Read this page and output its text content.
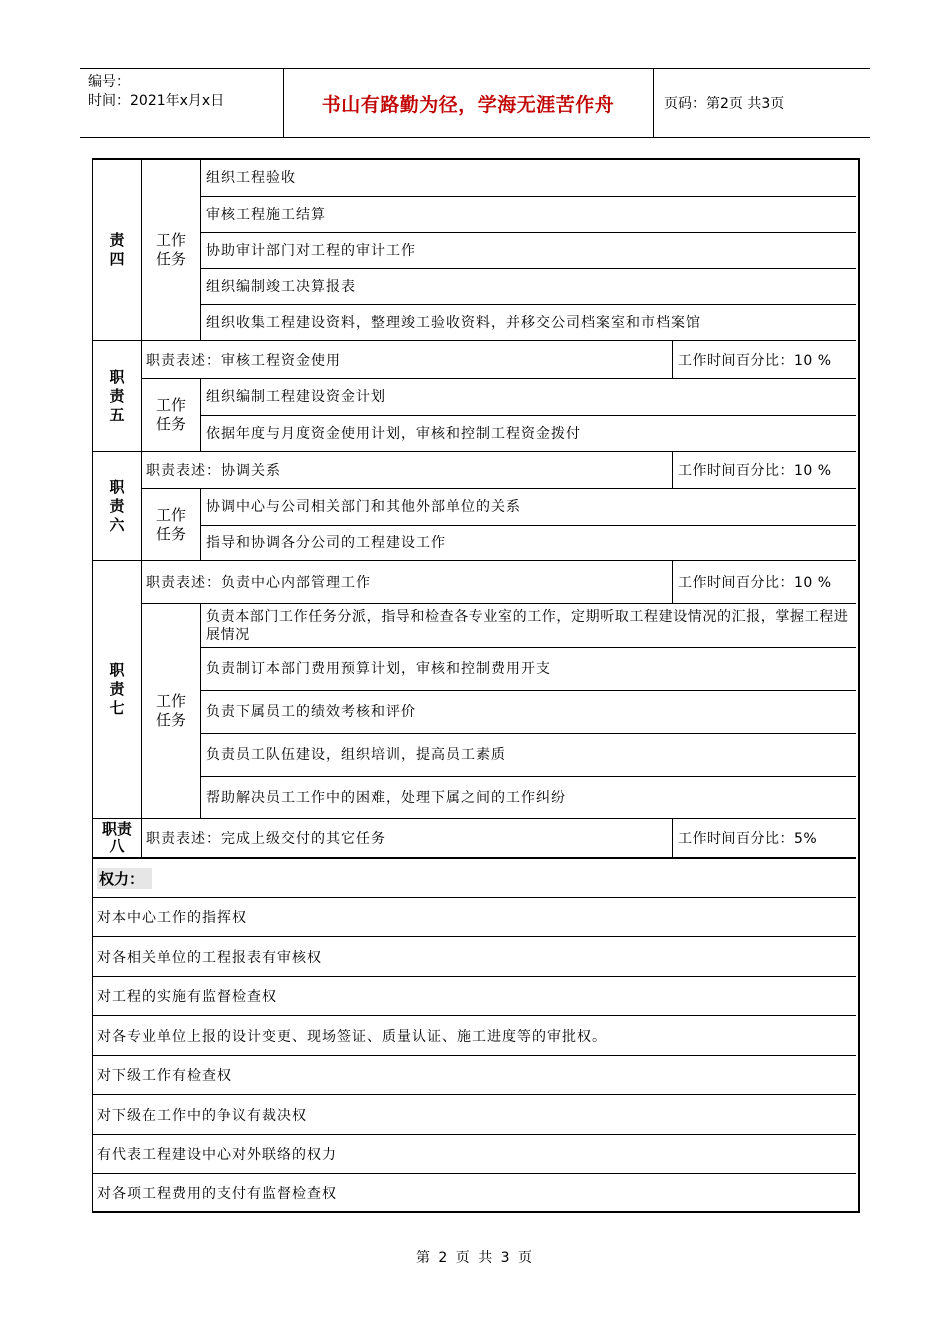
编号：
时间：2021年x月x日	书山有路勤为径，学海无涯苦作舟	页码：第2页 共3页
责四
工作任务
组织工程验收
审核工程施工结算
协助审计部门对工程的审计工作
组织编制竣工决算报表
组织收集工程建设资料，整理竣工验收资料，并移交公司档案室和市档案馆
职责五
职责表述：审核工程资金使用	工作时间百分比：10 %
工作任务
组织编制工程建设资金计划
依据年度与月度资金使用计划，审核和控制工程资金拨付
职责六
职责表述：协调关系	工作时间百分比：10 %
工作任务
协调中心与公司相关部门和其他外部单位的关系
指导和协调各分公司的工程建设工作
职责七
职责表述：负责中心内部管理工作	工作时间百分比：10 %
工作任务
负责本部门工作任务分派，指导和检查各专业室的工作，定期听取工程建设情况的汇报，掌握工程进展情况
负责制订本部门费用预算计划，审核和控制费用开支
负责下属员工的绩效考核和评价
负责员工队伍建设，组织培训，提高员工素质
帮助解决员工工作中的困难，处理下属之间的工作纠纷
职责八	职责表述：完成上级交付的其它任务	工作时间百分比：5%
权力：
对本中心工作的指挥权
对各相关单位的工程报表有审核权
对工程的实施有监督检查权
对各专业单位上报的设计变更、现场签证、质量认证、施工进度等的审批权。
对下级工作有检查权
对下级在工作中的争议有裁决权
有代表工程建设中心对外联络的权力
对各项工程费用的支付有监督检查权
第 2 页 共 3 页
